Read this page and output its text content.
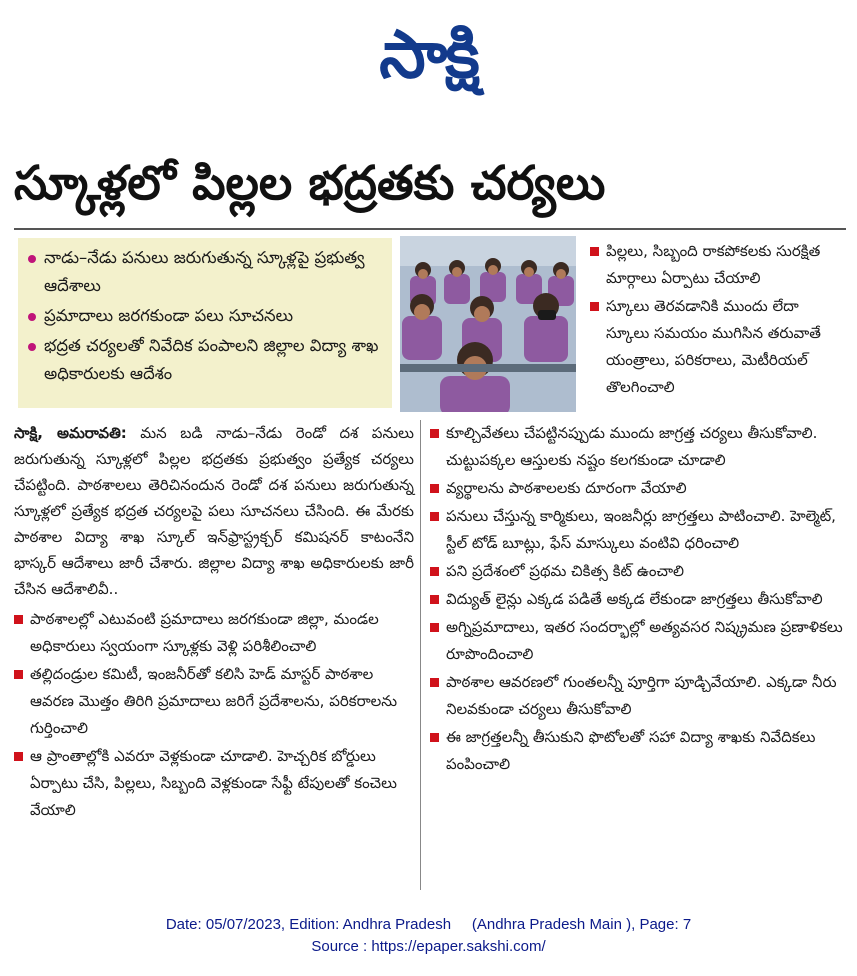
సాక్షి
స్కూళ్లలో పిల్లల భద్రతకు చర్యలు
నాడు–నేడు పనులు జరుగుతున్న స్కూళ్లపై ప్రభుత్వ ఆదేశాలు
ప్రమాదాలు జరగకుండా పలు సూచనలు
భద్రత చర్యలతో నివేదిక పంపాలని జిల్లాల విద్యా శాఖ అధికారులకు ఆదేశం
పిల్లలు, సిబ్బంది రాకపోకలకు సురక్షిత మార్గాలు ఏర్పాటు చేయాలి
స్కూలు తెరవడానికి ముందు లేదా స్కూలు సమయం ముగిసిన తరువాతే యంత్రాలు, పరికరాలు, మెటీరియల్ తొలగించాలి
సాక్షి, అమరావతి: మన బడి నాడు–నేడు రెండో దశ పనులు జరుగుతున్న స్కూళ్లలో పిల్లల భద్రతకు ప్రభుత్వం ప్రత్యేక చర్యలు చేపట్టింది. పాఠశాలలు తెరిచినందున రెండో దశ పనులు జరుగుతున్న స్కూళ్లలో ప్రత్యేక భద్రత చర్యలపై పలు సూచనలు చేసింది. ఈ మేరకు పాఠశాల విద్యా శాఖ స్కూల్ ఇన్‌ఫ్రాస్ట్రక్చర్ కమిషనర్ కాటంనేని భాస్కర్ ఆదేశాలు జారీ చేశారు. జిల్లాల విద్యా శాఖ అధికారులకు జారీ చేసిన ఆదేశాలివీ..
పాఠశాలల్లో ఎటువంటి ప్రమాదాలు జరగకుండా జిల్లా, మండల అధికారులు స్వయంగా స్కూళ్లకు వెళ్లి పరిశీలించాలి
తల్లిదండ్రుల కమిటీ, ఇంజనీర్‌తో కలిసి హెడ్ మాస్టర్ పాఠశాల ఆవరణ మొత్తం తిరిగి ప్రమాదాలు జరిగే ప్రదేశాలను, పరికరాలను గుర్తించాలి
ఆ ప్రాంతాల్లోకి ఎవరూ వెళ్లకుండా చూడాలి. హెచ్చరిక బోర్డులు ఏర్పాటు చేసి, పిల్లలు, సిబ్బంది వెళ్లకుండా సేఫ్టీ టేపులతో కంచెలు వేయాలి
కూల్చివేతలు చేపట్టినప్పుడు ముందు జాగ్రత్త చర్యలు తీసుకోవాలి. చుట్టుపక్కల ఆస్తులకు నష్టం కలగకుండా చూడాలి
వ్యర్థాలను పాఠశాలలకు దూరంగా వేయాలి
పనులు చేస్తున్న కార్మికులు, ఇంజనీర్లు జాగ్రత్తలు పాటించాలి. హెల్మెట్, స్టీల్ టోడ్ బూట్లు, ఫేస్ మాస్కులు వంటివి ధరించాలి
పని ప్రదేశంలో ప్రథమ చికిత్స కిట్ ఉంచాలి
విద్యుత్ లైన్లు ఎక్కడ పడితే అక్కడ లేకుండా జాగ్రత్తలు తీసుకోవాలి
అగ్నిప్రమాదాలు, ఇతర సందర్భాల్లో అత్యవసర నిష్క్రమణ ప్రణాళికలు రూపొందించాలి
పాఠశాల ఆవరణలో గుంతలన్నీ పూర్తిగా పూడ్చివేయాలి. ఎక్కడా నీరు నిలవకుండా చర్యలు తీసుకోవాలి
ఈ జాగ్రత్తలన్నీ తీసుకుని ఫొటోలతో సహా విద్యా శాఖకు నివేదికలు పంపించాలి
Date: 05/07/2023, Edition: Andhra Pradesh     (Andhra Pradesh Main ), Page: 7
Source : https://epaper.sakshi.com/
